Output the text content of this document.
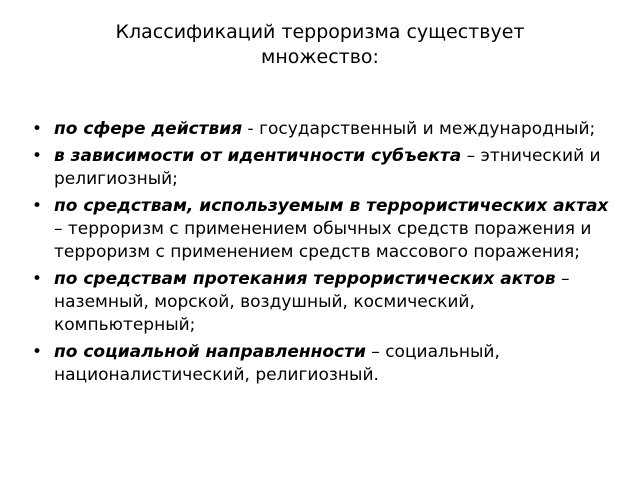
Классификаций терроризма существует множество:
• по сфере действия - государственный и международный;
• в зависимости от идентичности субъекта – этнический и религиозный;
• по средствам, используемым в террористических актах – терроризм с применением обычных средств поражения и терроризм с применением средств массового поражения;
• по средствам протекания террористических актов – наземный, морской, воздушный, космический, компьютерный;
• по социальной направленности – социальный, националистический, религиозный.
